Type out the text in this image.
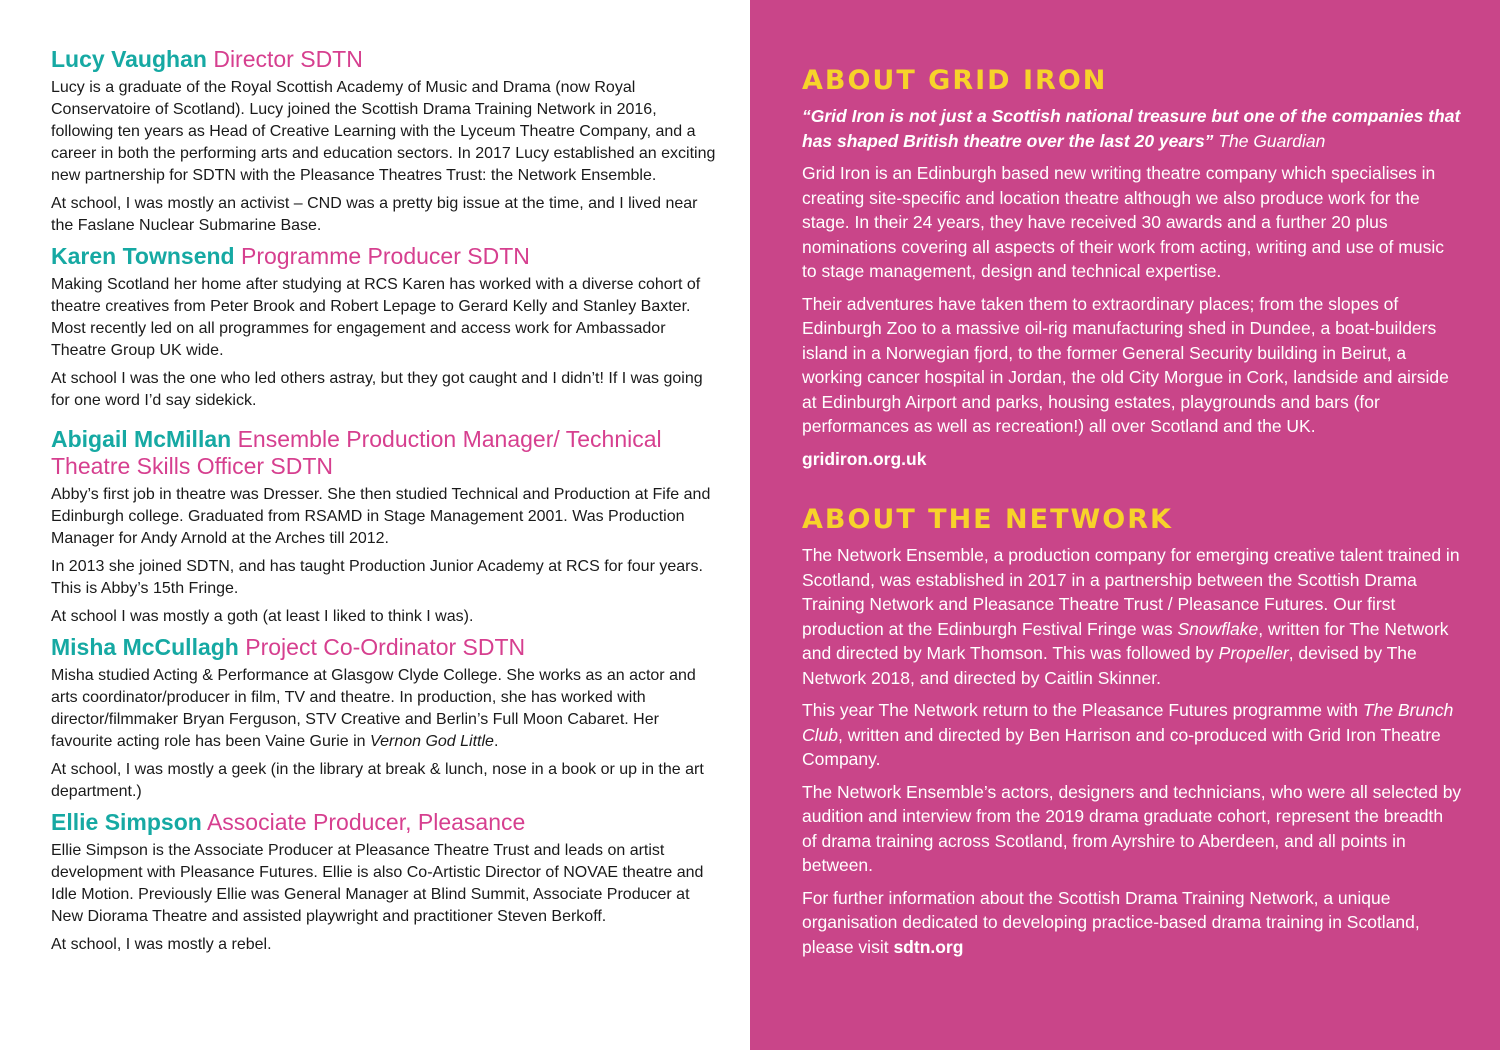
Lucy Vaughan Director SDTN

Lucy is a graduate of the Royal Scottish Academy of Music and Drama (now Royal Conservatoire of Scotland). Lucy joined the Scottish Drama Training Network in 2016, following ten years as Head of Creative Learning with the Lyceum Theatre Company, and a career in both the performing arts and education sectors. In 2017 Lucy established an exciting new partnership for SDTN with the Pleasance Theatres Trust: the Network Ensemble.

At school, I was mostly an activist – CND was a pretty big issue at the time, and I lived near the Faslane Nuclear Submarine Base.

Karen Townsend Programme Producer SDTN

Making Scotland her home after studying at RCS Karen has worked with a diverse cohort of theatre creatives from Peter Brook and Robert Lepage to Gerard Kelly and Stanley Baxter. Most recently led on all programmes for engagement and access work for Ambassador Theatre Group UK wide.

At school I was the one who led others astray, but they got caught and I didn’t! If I was going for one word I’d say sidekick.

Abigail McMillan Ensemble Production Manager/ Technical Theatre Skills Officer SDTN

Abby’s first job in theatre was Dresser. She then studied Technical and Production at Fife and Edinburgh college. Graduated from RSAMD in Stage Management 2001. Was Production Manager for Andy Arnold at the Arches till 2012.

In 2013 she joined SDTN, and has taught Production Junior Academy at RCS for four years. This is Abby’s 15th Fringe.

At school I was mostly a goth (at least I liked to think I was).

Misha McCullagh Project Co-Ordinator SDTN

Misha studied Acting & Performance at Glasgow Clyde College. She works as an actor and arts coordinator/producer in film, TV and theatre. In production, she has worked with director/filmmaker Bryan Ferguson, STV Creative and Berlin’s Full Moon Cabaret. Her favourite acting role has been Vaine Gurie in Vernon God Little.

At school, I was mostly a geek (in the library at break & lunch, nose in a book or up in the art department.)

Ellie Simpson Associate Producer, Pleasance

Ellie Simpson is the Associate Producer at Pleasance Theatre Trust and leads on artist development with Pleasance Futures. Ellie is also Co-Artistic Director of NOVAE theatre and Idle Motion. Previously Ellie was General Manager at Blind Summit, Associate Producer at New Diorama Theatre and assisted playwright and practitioner Steven Berkoff.

At school, I was mostly a rebel.

ABOUT GRID IRON

“Grid Iron is not just a Scottish national treasure but one of the companies that has shaped British theatre over the last 20 years” The Guardian

Grid Iron is an Edinburgh based new writing theatre company which specialises in creating site-specific and location theatre although we also produce work for the stage. In their 24 years, they have received 30 awards and a further 20 plus nominations covering all aspects of their work from acting, writing and use of music to stage management, design and technical expertise.

Their adventures have taken them to extraordinary places; from the slopes of Edinburgh Zoo to a massive oil-rig manufacturing shed in Dundee, a boat-builders island in a Norwegian fjord, to the former General Security building in Beirut, a working cancer hospital in Jordan, the old City Morgue in Cork, landside and airside at Edinburgh Airport and parks, housing estates, playgrounds and bars (for performances as well as recreation!) all over Scotland and the UK.

gridiron.org.uk

ABOUT THE NETWORK

The Network Ensemble, a production company for emerging creative talent trained in Scotland, was established in 2017 in a partnership between the Scottish Drama Training Network and Pleasance Theatre Trust / Pleasance Futures. Our first production at the Edinburgh Festival Fringe was Snowflake, written for The Network and directed by Mark Thomson. This was followed by Propeller, devised by The Network 2018, and directed by Caitlin Skinner.

This year The Network return to the Pleasance Futures programme with The Brunch Club, written and directed by Ben Harrison and co-produced with Grid Iron Theatre Company.

The Network Ensemble’s actors, designers and technicians, who were all selected by audition and interview from the 2019 drama graduate cohort, represent the breadth of drama training across Scotland, from Ayrshire to Aberdeen, and all points in between.

For further information about the Scottish Drama Training Network, a unique organisation dedicated to developing practice-based drama training in Scotland, please visit sdtn.org
